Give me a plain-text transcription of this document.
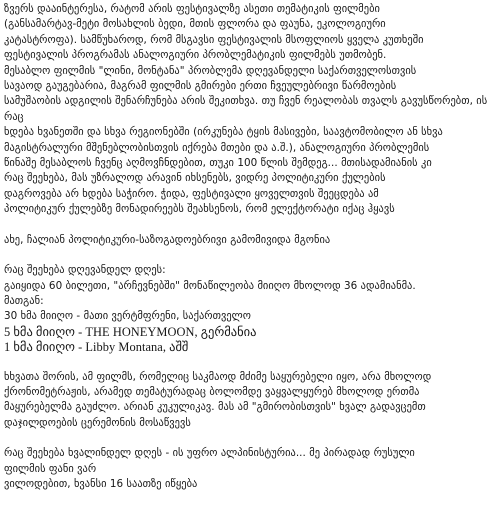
ზვერს დააინტერესა, რატომ არის ფესტივალზე ასეთი თემატიკის ფილმები
(განსამარტავ-მეტი მოსახლის ბედი, მთის ფლორა და ფაუნა, ეკოლოგიური
კატასტროფა). სამწუხაროდ, რომ მსგავსი ფესტივალის მსოფლიოს ყველა კუთხეში
ფესტივალის პროგრამას ანალოგიური პრობლემატიკის ფილმებს უთმობენ.
მესაბლო ფილმის "ლინი, მონტანა" პრობლემა დღევანდელი საქართველოსთვის
სავაოდ გაუგებარია, მაგრამ ფილმის გმირები ერთი ჩვეულებრივი წარმოების
სამუშაობის ადგილის შენარჩუნება არის შეკითხვა. თუ ჩვენ რეალობას თვალს გავუსწორებთ, ის რაც
ხდება ხვანეთში და სხვა რეგიონებში (ირკუნება ტყის მასივები, საავტომობილო ან სხვა
მაგისტრალური მშენებლობისთვის იქრება მთები და ა.შ.), ანალოგიური პრობლემის
წინაშე მესაბლოს ჩვენც აღმოვჩნდებით, თუკი 100 წლის შემდეგ... მთისადამიანის კი
რაც შეეხება, მას უზრალოდ არავინ იხსენებს, ვიდრე პოლიტიკური ქულების
დაგროვება არ ხდება საჭირო. ჭიდა, ფესტივალი ყოველთვის შეეცდება ამ
პოლიტიკურ ქულებზე მონადირეებს შეახსენოს, რომ ელექტორატი იქაც ჰყავს

ახე, ჩალიან პოლიტიკური-საზოგადოებრივი გამომივიდა მგონია

რაც შეეხება დღევანდელ დღეს:

გაიყიდა 60 ბილეთი, "არჩევნებში" მონაწილეობა მიიღო მხოლოდ 36 ადამიანმა.

მათგან:

30 ხმა მიიღო - მათი ვერტმფრენი, საქართველო
5 ხმა მიიღო - THE HONEYMOON, გერმანია
1 ხმა მიიღო - Libby Montana, აშშ
ხხვათა შორის, ამ ფილმს, რომელიც საკმაოდ მძიმე საყურებელი იყო, არა მხოლოდ
ქრონომეტრაჟის, არამედ თემატურადაც ბოლომდე ვაყვალყურებ მხოლოდ ერთმა
მაყურებელმა გაუძლო. არიან კუკულიკავ. მას ამ "გმირობისთვის" ხვალ გადავცემთ
დაჯილდოების ცერემონის მოსაწვევს
რაც შეეხება ხვალინდელ დღეს - ის უფრო ალპინისტურია... მე პირადად რუსული
ფილმის ფანი ვარ
ვილოდებით, ხვანსი 16 საათზე იწყება
